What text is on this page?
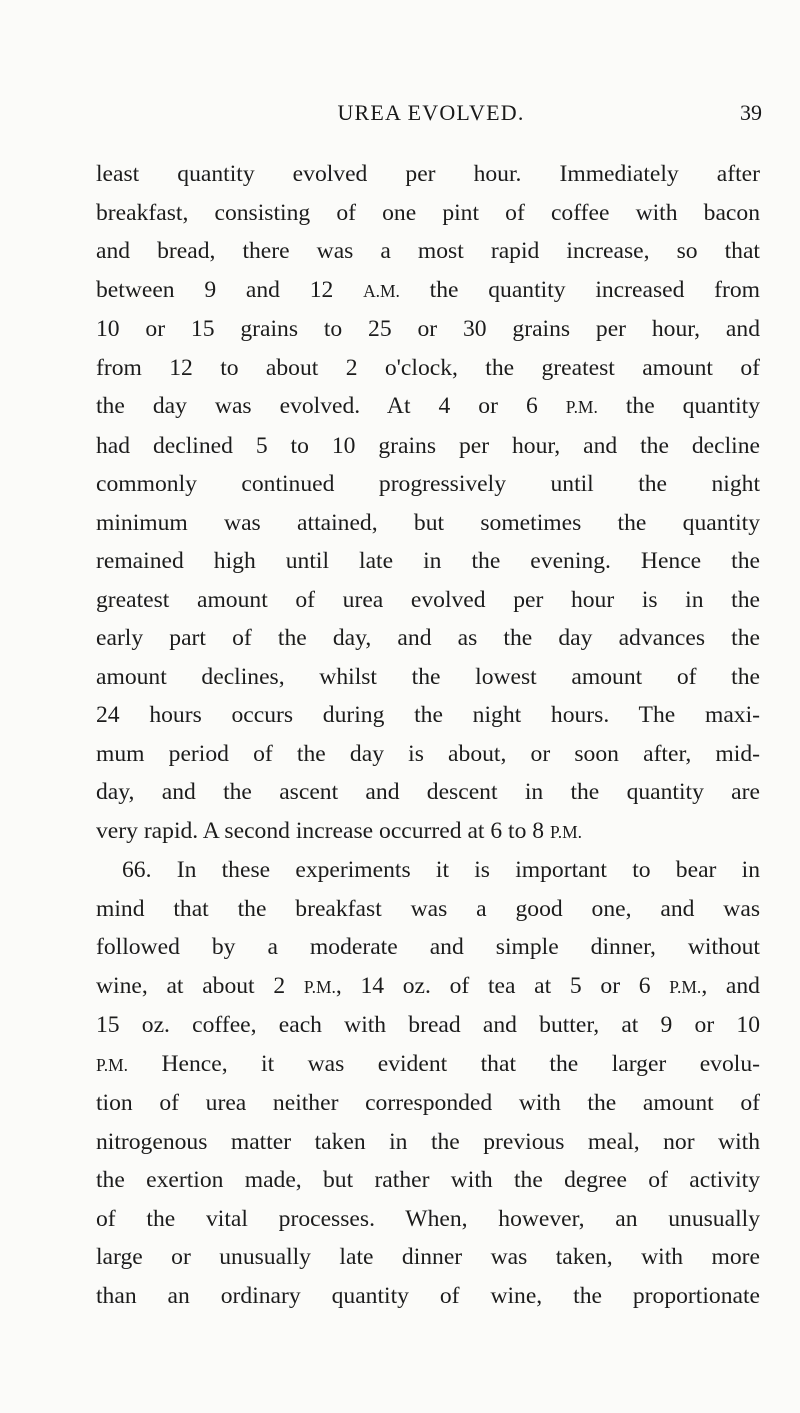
UREA EVOLVED.	39
least quantity evolved per hour. Immediately after
breakfast, consisting of one pint of coffee with bacon
and bread, there was a most rapid increase, so that
between 9 and 12 A.M. the quantity increased from
10 or 15 grains to 25 or 30 grains per hour, and
from 12 to about 2 o'clock, the greatest amount of
the day was evolved. At 4 or 6 P.M. the quantity
had declined 5 to 10 grains per hour, and the decline
commonly continued progressively until the night
minimum was attained, but sometimes the quantity
remained high until late in the evening. Hence the
greatest amount of urea evolved per hour is in the
early part of the day, and as the day advances the
amount declines, whilst the lowest amount of the
24 hours occurs during the night hours. The maxi-
mum period of the day is about, or soon after, mid-
day, and the ascent and descent in the quantity are
very rapid. A second increase occurred at 6 to 8 P.M.
66. In these experiments it is important to bear in
mind that the breakfast was a good one, and was
followed by a moderate and simple dinner, without
wine, at about 2 P.M., 14 oz. of tea at 5 or 6 P.M., and
15 oz. coffee, each with bread and butter, at 9 or 10
P.M. Hence, it was evident that the larger evolu-
tion of urea neither corresponded with the amount of
nitrogenous matter taken in the previous meal, nor with
the exertion made, but rather with the degree of activity
of the vital processes. When, however, an unusually
large or unusually late dinner was taken, with more
than an ordinary quantity of wine, the proportionate
